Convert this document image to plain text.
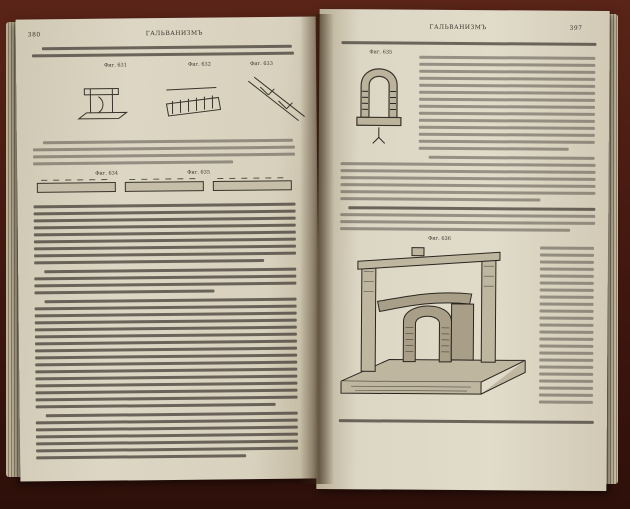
380	ГАЛЬВАНИЗМЪ
Фиг. 631	Фиг. 632	Фиг. 633
Фиг. 634	Фиг. 635
ГАЛЬВАНИЗМЪ	397
Фиг. 635
Фиг. 636
